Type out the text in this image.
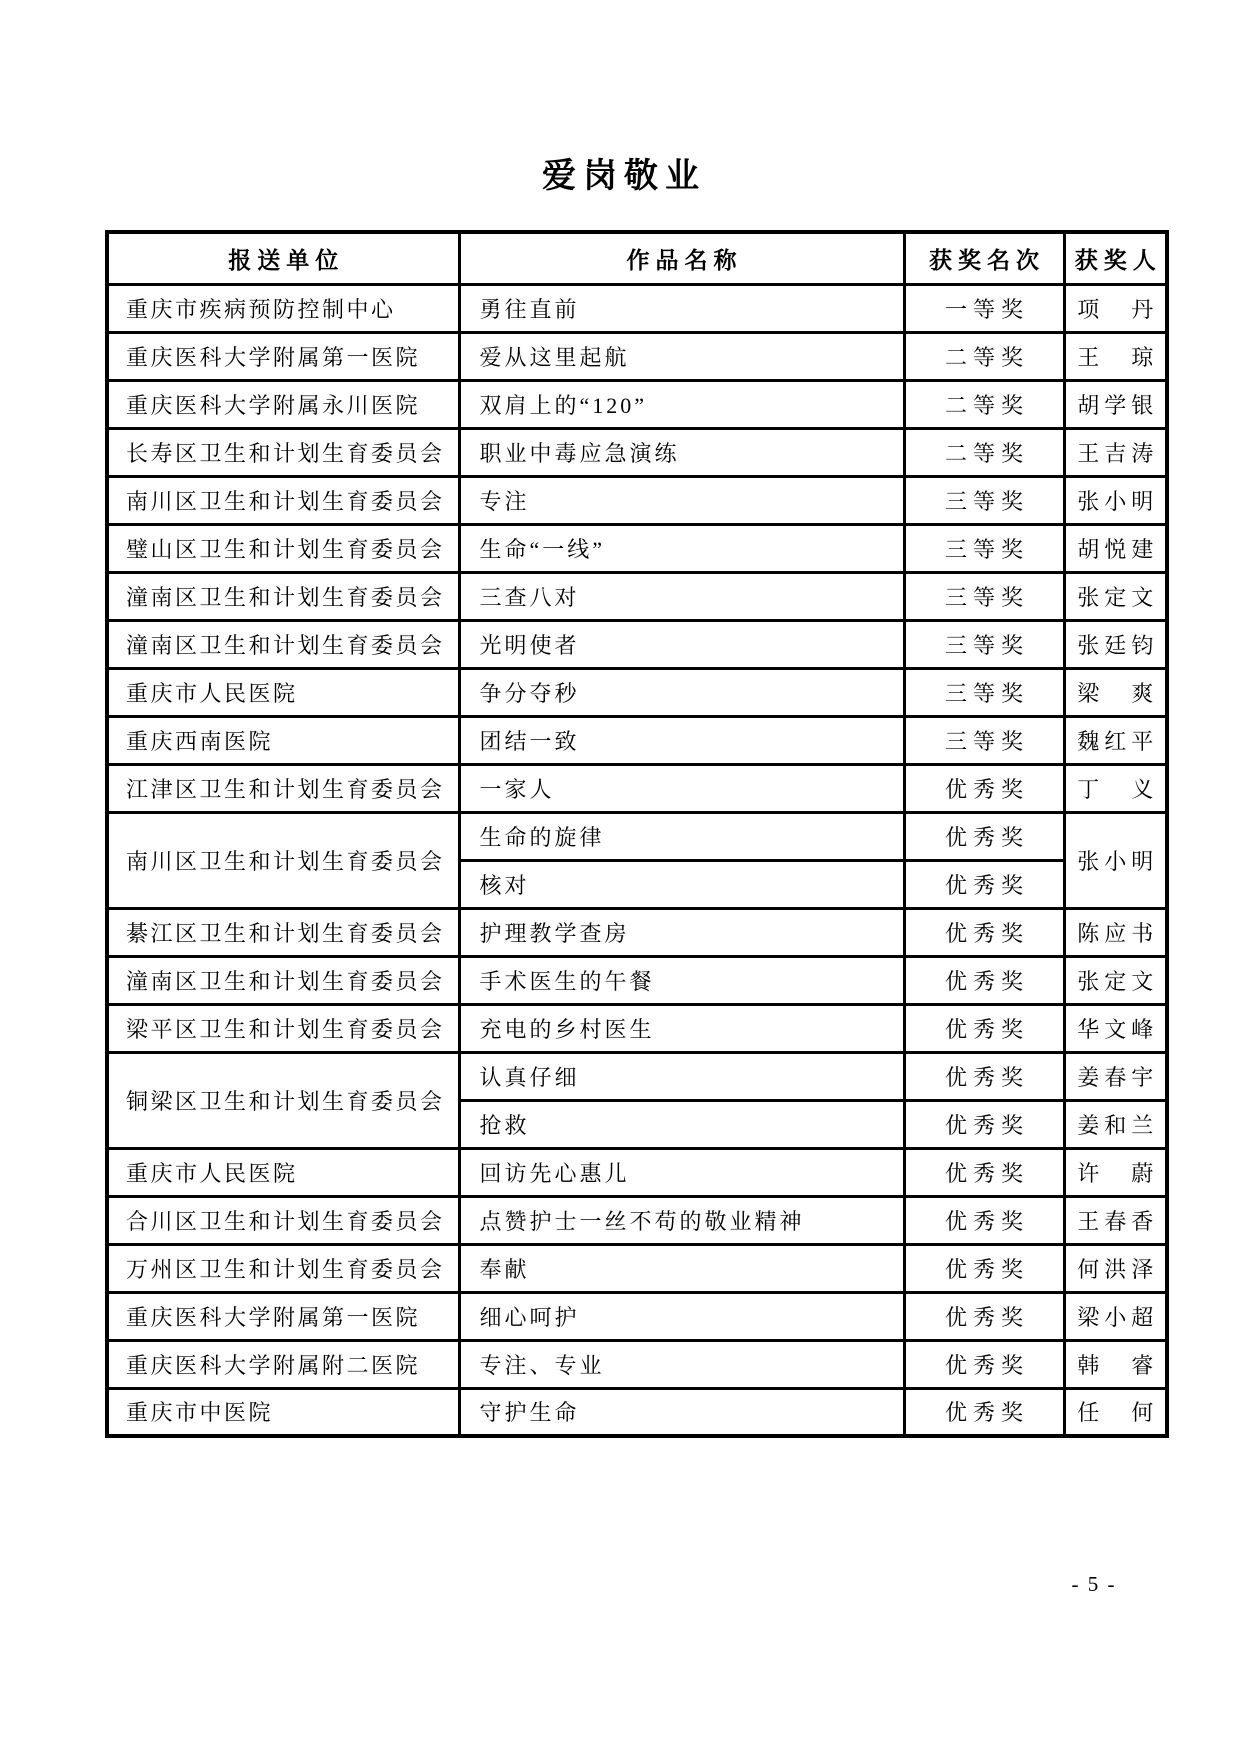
爱岗敬业
报送单位	作品名称	获奖名次	获奖人
重庆市疾病预防控制中心	勇往直前	一等奖	项　丹
重庆医科大学附属第一医院	爱从这里起航	二等奖	王　琼
重庆医科大学附属永川医院	双肩上的“120”	二等奖	胡学银
长寿区卫生和计划生育委员会	职业中毒应急演练	二等奖	王吉涛
南川区卫生和计划生育委员会	专注	三等奖	张小明
璧山区卫生和计划生育委员会	生命“一线”	三等奖	胡悦建
潼南区卫生和计划生育委员会	三查八对	三等奖	张定文
潼南区卫生和计划生育委员会	光明使者	三等奖	张廷钧
重庆市人民医院	争分夺秒	三等奖	梁　爽
重庆西南医院	团结一致	三等奖	魏红平
江津区卫生和计划生育委员会	一家人	优秀奖	丁　义
南川区卫生和计划生育委员会	生命的旋律	优秀奖	张小明
	核对	优秀奖	
綦江区卫生和计划生育委员会	护理教学查房	优秀奖	陈应书
潼南区卫生和计划生育委员会	手术医生的午餐	优秀奖	张定文
梁平区卫生和计划生育委员会	充电的乡村医生	优秀奖	华文峰
铜梁区卫生和计划生育委员会	认真仔细	优秀奖	姜春宇
	抢救	优秀奖	姜和兰
重庆市人民医院	回访先心惠儿	优秀奖	许　蔚
合川区卫生和计划生育委员会	点赞护士一丝不苟的敬业精神	优秀奖	王春香
万州区卫生和计划生育委员会	奉献	优秀奖	何洪泽
重庆医科大学附属第一医院	细心呵护	优秀奖	梁小超
重庆医科大学附属附二医院	专注、专业	优秀奖	韩　睿
重庆市中医院	守护生命	优秀奖	任　何
- 5 -
